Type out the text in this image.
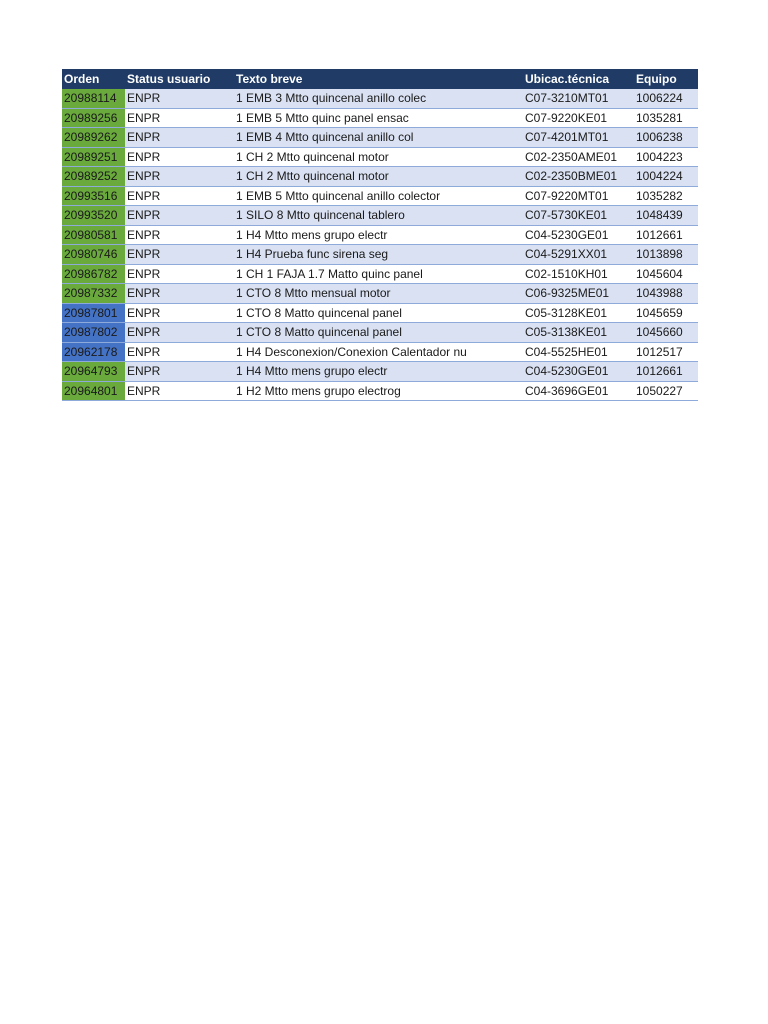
Orden	Status usuario	Texto breve	Ubicac.técnica	Equipo
20988114	ENPR	1 EMB 3 Mtto quincenal anillo colec	C07-3210MT01	1006224
20989256	ENPR	1 EMB 5 Mtto quinc panel ensac	C07-9220KE01	1035281
20989262	ENPR	1 EMB 4 Mtto quincenal anillo col	C07-4201MT01	1006238
20989251	ENPR	1 CH 2 Mtto quincenal motor	C02-2350AME01	1004223
20989252	ENPR	1 CH 2 Mtto quincenal motor	C02-2350BME01	1004224
20993516	ENPR	1 EMB 5 Mtto quincenal anillo colector	C07-9220MT01	1035282
20993520	ENPR	1 SILO 8 Mtto quincenal tablero	C07-5730KE01	1048439
20980581	ENPR	1 H4 Mtto mens grupo electr	C04-5230GE01	1012661
20980746	ENPR	1 H4 Prueba func sirena seg	C04-5291XX01	1013898
20986782	ENPR	1 CH 1 FAJA 1.7 Matto quinc panel	C02-1510KH01	1045604
20987332	ENPR	1 CTO 8 Mtto mensual motor	C06-9325ME01	1043988
20987801	ENPR	1 CTO 8 Matto quincenal panel	C05-3128KE01	1045659
20987802	ENPR	1 CTO 8 Matto quincenal panel	C05-3138KE01	1045660
20962178	ENPR	1 H4 Desconexion/Conexion Calentador nu	C04-5525HE01	1012517
20964793	ENPR	1 H4 Mtto mens grupo electr	C04-5230GE01	1012661
20964801	ENPR	1 H2 Mtto mens grupo electrog	C04-3696GE01	1050227
